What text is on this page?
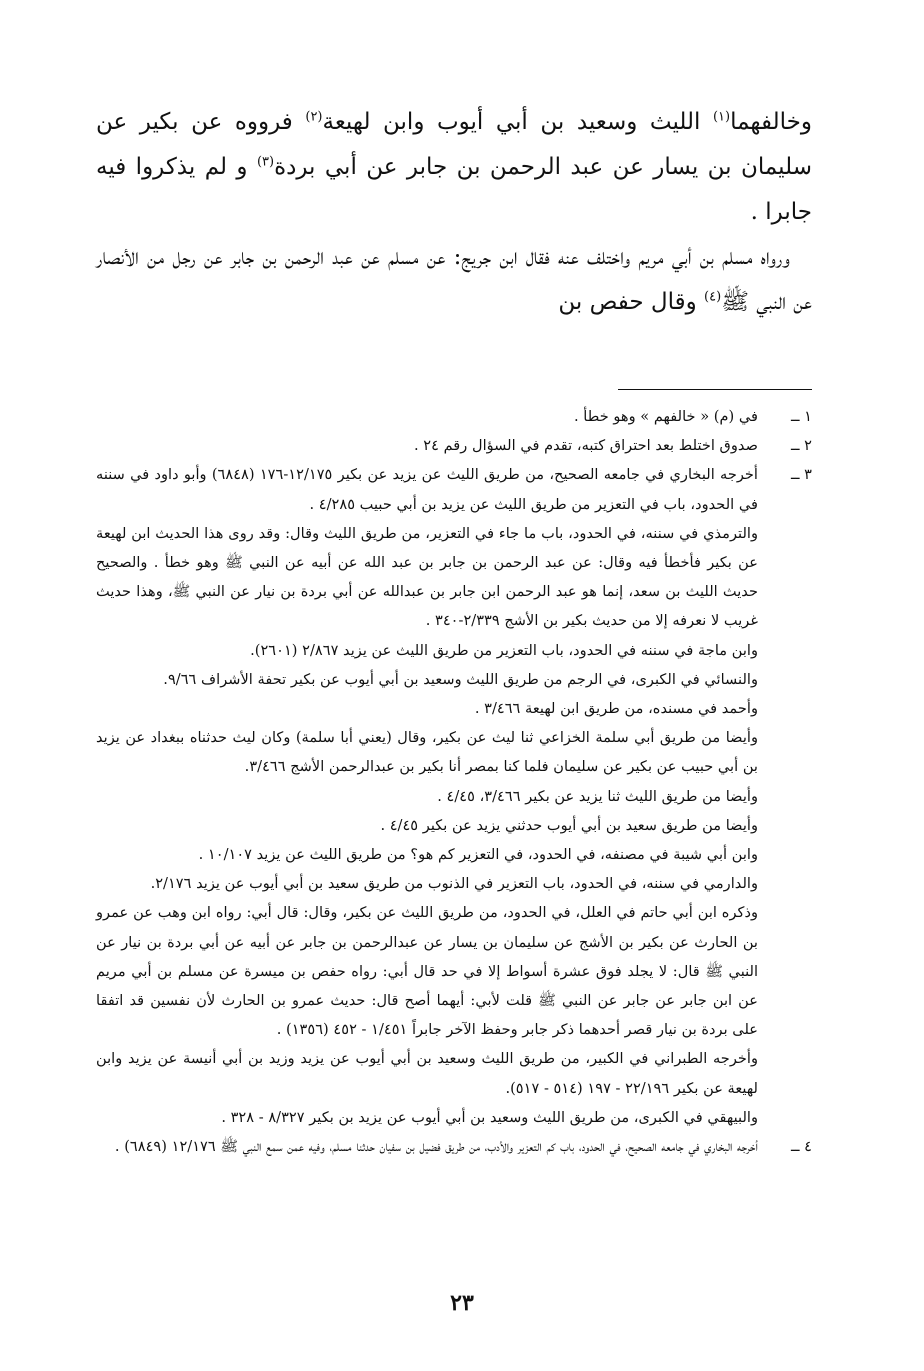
وخالفهما$^{(١)}$ الليث وسعيد بن أبي أيوب وابن لهيعة$^{(٢)}$ فرووه عن بكير عن سليمان بن يسار عن عبد الرحمن بن جابر عن أبي بردة$^{(٣)}$ و لم يذكروا فيه جابرا .

ورواه مسلم بن أبي مريم واختلف عنه فقال ابن جريج: عن مسلم عن عبد الرحمن بن جابر عن رجل من الأنصار عن النبي ﷺ$^{(٤)}$ وقال حفص بن

١ ــ

في (م) « خالفهم » وهو خطأ .

٢ ــ

صدوق اختلط بعد احتراق كتبه، تقدم في السؤال رقم ٢٤ .

٣ ــ

أخرجه البخاري في جامعه الصحيح، من طريق الليث عن يزيد عن بكير ١٢/١٧٥-١٧٦ (٦٨٤٨) وأبو داود في سننه في الحدود، باب في التعزير من طريق الليث عن يزيد بن أبي حبيب ٤/٢٨٥ .

والترمذي في سننه، في الحدود، باب ما جاء في التعزير، من طريق الليث وقال: وقد روى هذا الحديث ابن لهيعة عن بكير فأخطأ فيه وقال: عن عبد الرحمن بن جابر بن عبد الله عن أبيه عن النبي ﷺ وهو خطأ . والصحيح حديث الليث بن سعد، إنما هو عبد الرحمن ابن جابر بن عبدالله عن أبي بردة بن نيار عن النبي ﷺ، وهذا حديث غريب لا نعرفه إلا من حديث بكير بن الأشج ٢/٣٣٩-٣٤٠ .

وابن ماجة في سننه في الحدود، باب التعزير من طريق الليث عن يزيد ٢/٨٦٧ (٢٦٠١).

والنسائي في الكبرى، في الرجم من طريق الليث وسعيد بن أبي أيوب عن بكير تحفة الأشراف ٩/٦٦.

وأحمد في مسنده، من طريق ابن لهيعة ٣/٤٦٦ .

وأيضا من طريق أبي سلمة الخزاعي ثنا ليث عن بكير، وقال (يعني أبا سلمة) وكان ليث حدثناه ببغداد عن يزيد بن أبي حبيب عن بكير عن سليمان فلما كنا بمصر أنا بكير بن عبدالرحمن الأشج ٣/٤٦٦.

وأيضا من طريق الليث ثنا يزيد عن بكير ٣/٤٦٦، ٤/٤٥ .

وأيضا من طريق سعيد بن أبي أيوب حدثني يزيد عن بكير ٤/٤٥ .

وابن أبي شيبة في مصنفه، في الحدود، في التعزير كم هو؟ من طريق الليث عن يزيد ١٠/١٠٧ .

والدارمي في سننه، في الحدود، باب التعزير في الذنوب من طريق سعيد بن أبي أيوب عن يزيد ٢/١٧٦.

وذكره ابن أبي حاتم في العلل، في الحدود، من طريق الليث عن بكير، وقال: قال أبي: رواه ابن وهب عن عمرو بن الحارث عن بكير بن الأشج عن سليمان بن يسار عن عبدالرحمن بن جابر عن أبيه عن أبي بردة بن نيار عن النبي ﷺ قال: لا يجلد فوق عشرة أسواط إلا في حد قال أبي: رواه حفص بن ميسرة عن مسلم بن أبي مريم عن ابن جابر عن جابر عن النبي ﷺ قلت لأبي: أيهما أصح قال: حديث عمرو بن الحارث لأن نفسين قد اتفقا على بردة بن نيار قصر أحدهما ذكر جابر وحفظ الآخر جابراً ١/٤٥١ - ٤٥٢ (١٣٥٦) .

وأخرجه الطبراني في الكبير، من طريق الليث وسعيد بن أبي أيوب عن يزيد وزيد بن أبي أنيسة عن يزيد وابن لهيعة عن بكير ٢٢/١٩٦ - ١٩٧ (٥١٤ - ٥١٧).

والبيهقي في الكبرى، من طريق الليث وسعيد بن أبي أيوب عن يزيد بن بكير ٨/٣٢٧ - ٣٢٨ .

٤ ــ

أخرجه البخاري في جامعه الصحيح، في الحدود، باب كم التعزير والأدب، من طريق فضيل بن سفيان حدثنا مسلم، وفيه عمن سمع النبي ﷺ ١٢/١٧٦ (٦٨٤٩) .

٢٣
